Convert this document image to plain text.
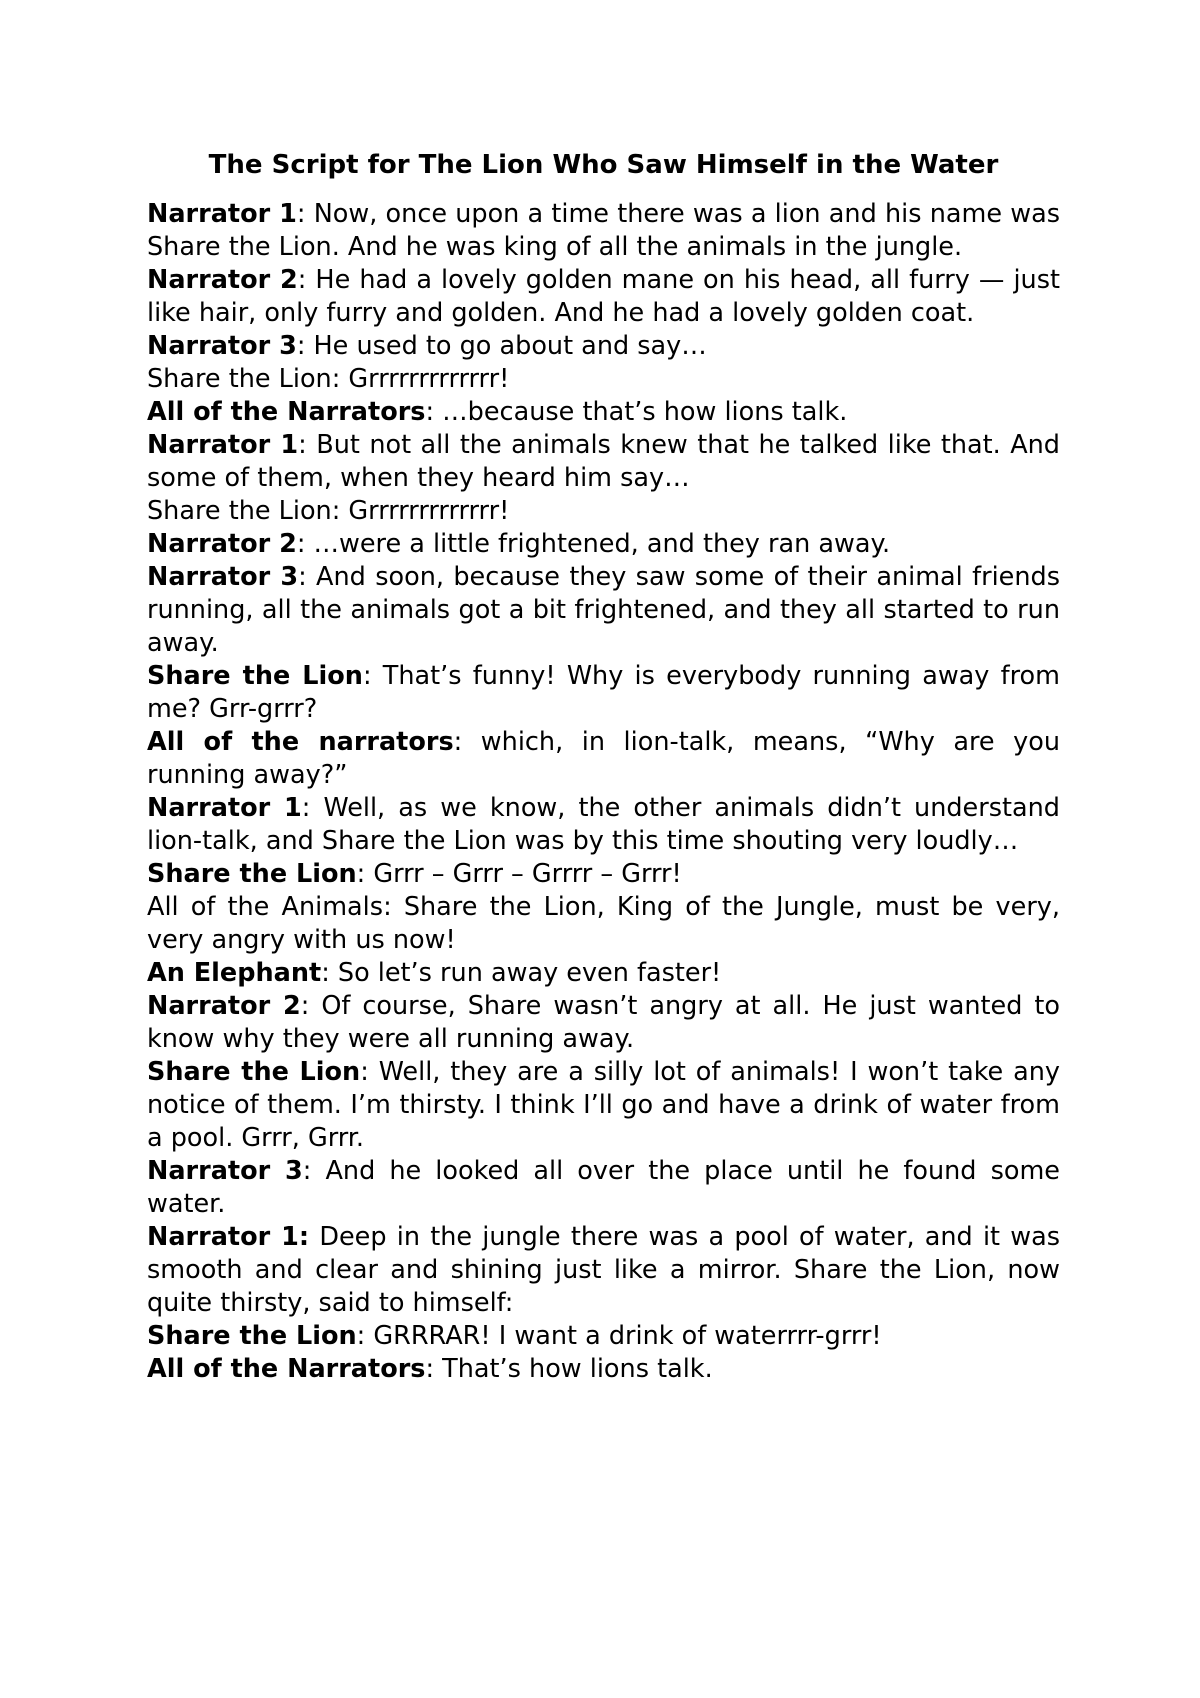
The Script for The Lion Who Saw Himself in the Water

Narrator 1: Now, once upon a time there was a lion and his name was Share the Lion. And he was king of all the animals in the jungle.

Narrator 2: He had a lovely golden mane on his head, all furry — just like hair, only furry and golden. And he had a lovely golden coat.

Narrator 3: He used to go about and say…

Share the Lion: Grrrrrrrrrrrrr!

All of the Narrators: …because that’s how lions talk.

Narrator 1: But not all the animals knew that he talked like that. And some of them, when they heard him say…

Share the Lion: Grrrrrrrrrrrrr!

Narrator 2: …were a little frightened, and they ran away.

Narrator 3: And soon, because they saw some of their animal friends running, all the animals got a bit frightened, and they all started to run away.

Share the Lion: That’s funny! Why is everybody running away from me? Grr-grrr?

All of the narrators: which, in lion-talk, means, “Why are you running away?”

Narrator 1: Well, as we know, the other animals didn’t understand lion-talk, and Share the Lion was by this time shouting very loudly…

Share the Lion: Grrr – Grrr – Grrrr – Grrr!

All of the Animals: Share the Lion, King of the Jungle, must be very, very angry with us now!

An Elephant: So let’s run away even faster!

Narrator 2: Of course, Share wasn’t angry at all. He just wanted to know why they were all running away.

Share the Lion: Well, they are a silly lot of animals! I won’t take any notice of them. I’m thirsty. I think I’ll go and have a drink of water from a pool. Grrr, Grrr.

Narrator 3: And he looked all over the place until he found some water.

Narrator 1: Deep in the jungle there was a pool of water, and it was smooth and clear and shining just like a mirror. Share the Lion, now quite thirsty, said to himself:

Share the Lion: GRRRAR! I want a drink of waterrrr-grrr!

All of the Narrators: That’s how lions talk.
